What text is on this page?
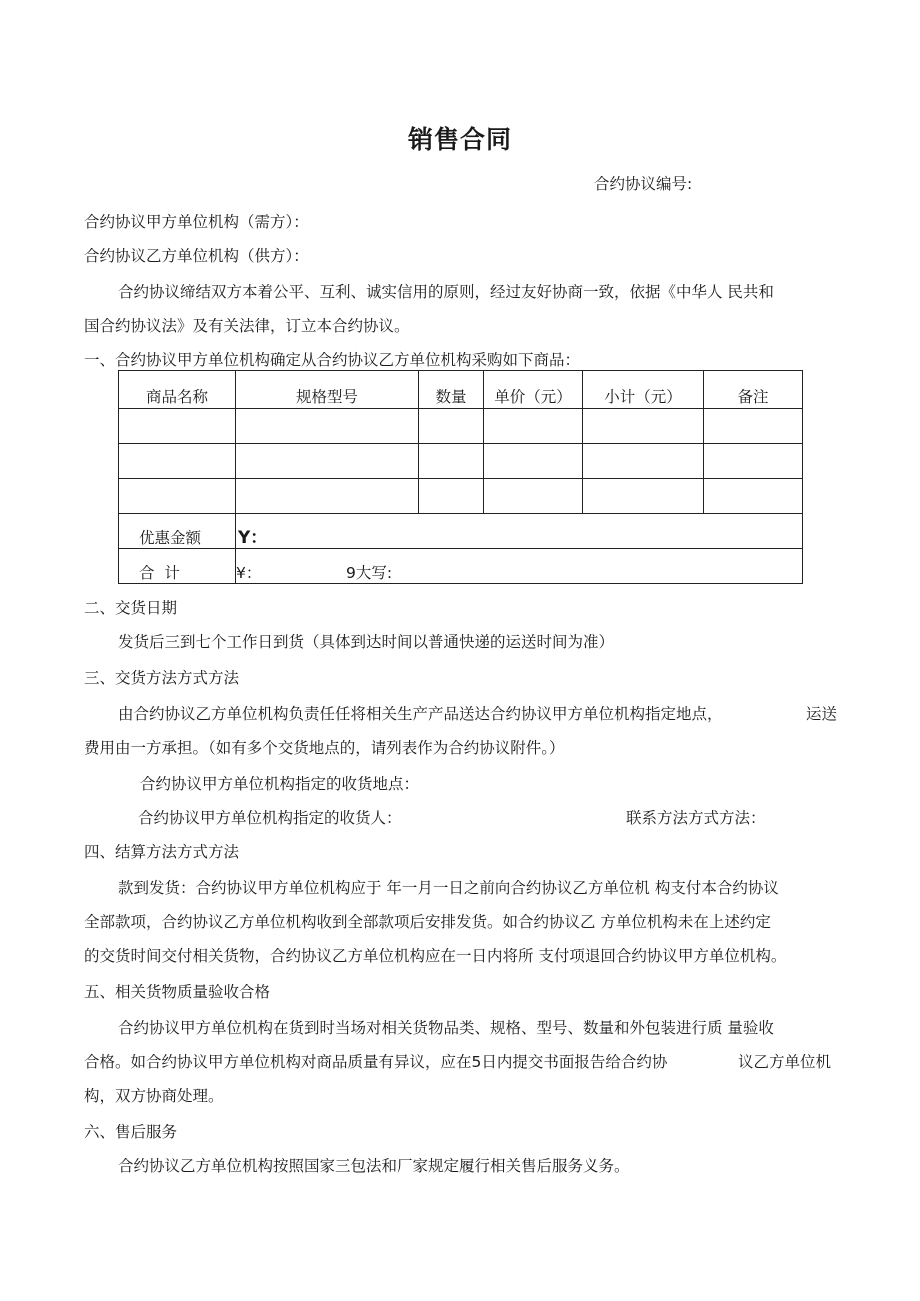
销售合同
合约协议编号:
合约协议甲方单位机构（需方）：
合约协议乙方单位机构（供方）：
合约协议缔结双方本着公平、互利、诚实信用的原则，经过友好协商一致，依据《中华人 民共和
国合约协议法》及有关法律，订立本合约协议。
一、合约协议甲方单位机构确定从合约协议乙方单位机构采购如下商品：
商品名称	规格型号	数量	单价（元）	小计（元）	备注

优惠金额	Y：				
合  计	¥： 9大写:				
二、交货日期
发货后三到七个工作日到货（具体到达时间以普通快递的运送时间为准）
三、交货方法方式方法
由合约协议乙方单位机构负责任任将相关生产产品送达合约协议甲方单位机构指定地点，	运送
费用由一方承担。（如有多个交货地点的，请列表作为合约协议附件。）
合约协议甲方单位机构指定的收货地点：
合约协议甲方单位机构指定的收货人：	联系方法方式方法：
四、结算方法方式方法
款到发货：合约协议甲方单位机构应于 年一月一日之前向合约协议乙方单位机 构支付本合约协议
全部款项，合约协议乙方单位机构收到全部款项后安排发货。如合约协议乙 方单位机构未在上述约定
的交货时间交付相关货物，合约协议乙方单位机构应在一日内将所 支付项退回合约协议甲方单位机构。
五、相关货物质量验收合格
合约协议甲方单位机构在货到时当场对相关货物品类、规格、型号、数量和外包装进行质 量验收
合格。如合约协议甲方单位机构对商品质量有异议，应在5日内提交书面报告给合约协	议乙方单位机
构，双方协商处理。
六、售后服务
合约协议乙方单位机构按照国家三包法和厂家规定履行相关售后服务义务。
